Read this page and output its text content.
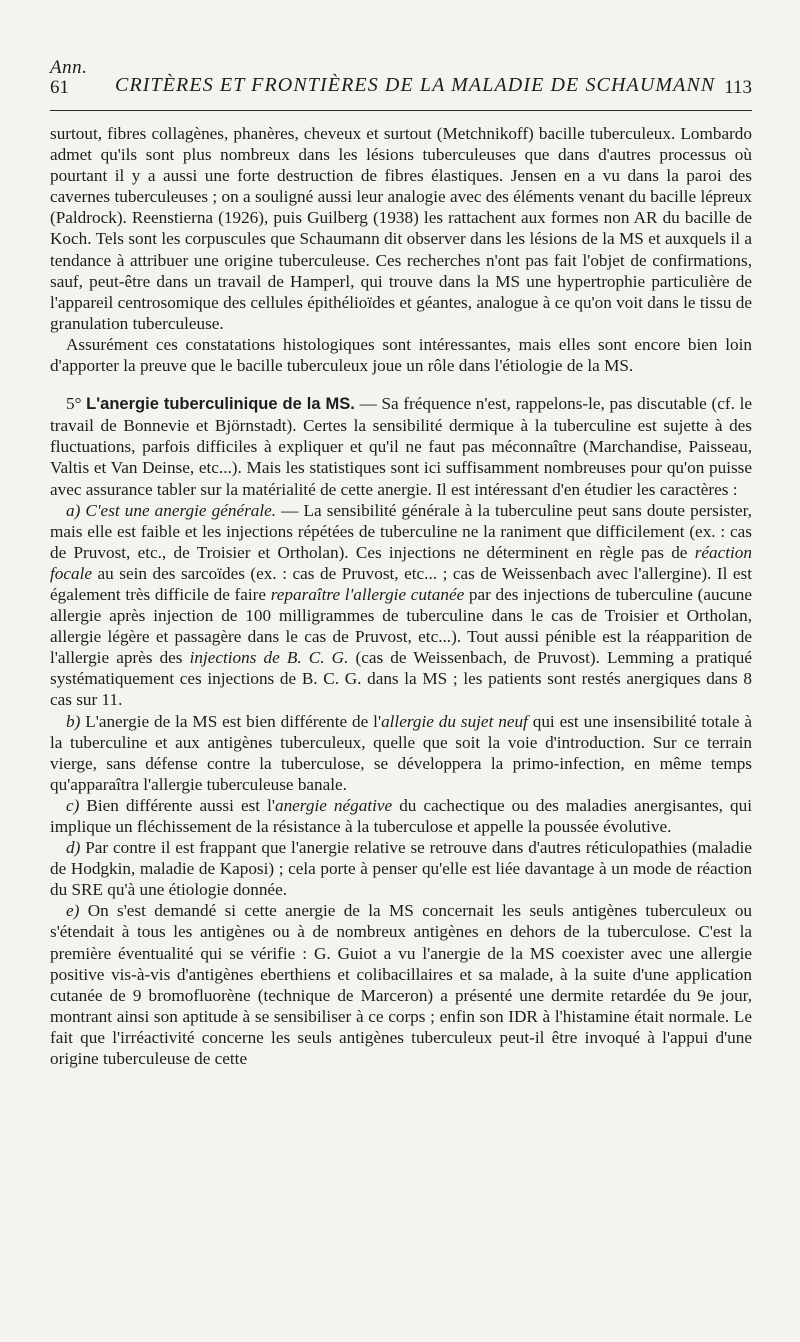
Ann.
61 CRITÈRES ET FRONTIÈRES DE LA MALADIE DE SCHAUMANN 113

surtout, fibres collagènes, phanères, cheveux et surtout (Metchnikoff) bacille tuberculeux. Lombardo admet qu'ils sont plus nombreux dans les lésions tuberculeuses que dans d'autres processus où pourtant il y a aussi une forte destruction de fibres élastiques. Jensen en a vu dans la paroi des cavernes tuberculeuses ; on a souligné aussi leur analogie avec des éléments venant du bacille lépreux (Paldrock). Reenstierna (1926), puis Guilberg (1938) les rattachent aux formes non AR du bacille de Koch. Tels sont les corpuscules que Schaumann dit observer dans les lésions de la MS et auxquels il a tendance à attribuer une origine tuberculeuse. Ces recherches n'ont pas fait l'objet de confirmations, sauf, peut-être dans un travail de Hamperl, qui trouve dans la MS une hypertrophie particulière de l'appareil centrosomique des cellules épithélioïdes et géantes, analogue à ce qu'on voit dans le tissu de granulation tuberculeuse.

Assurément ces constatations histologiques sont intéressantes, mais elles sont encore bien loin d'apporter la preuve que le bacille tuberculeux joue un rôle dans l'étiologie de la MS.

5° L'anergie tuberculinique de la MS. — Sa fréquence n'est, rappelons-le, pas discutable (cf. le travail de Bonnevie et Björnstadt). Certes la sensibilité dermique à la tuberculine est sujette à des fluctuations, parfois difficiles à expliquer et qu'il ne faut pas méconnaître (Marchandise, Paisseau, Valtis et Van Deinse, etc...). Mais les statistiques sont ici suffisamment nombreuses pour qu'on puisse avec assurance tabler sur la matérialité de cette anergie. Il est intéressant d'en étudier les caractères :

a) C'est une anergie générale. — La sensibilité générale à la tuberculine peut sans doute persister, mais elle est faible et les injections répétées de tuberculine ne la raniment que difficilement (ex. : cas de Pruvost, etc., de Troisier et Ortholan). Ces injections ne déterminent en règle pas de réaction focale au sein des sarcoïdes (ex. : cas de Pruvost, etc... ; cas de Weissenbach avec l'allergine). Il est également très difficile de faire reparaître l'allergie cutanée par des injections de tuberculine (aucune allergie après injection de 100 milligrammes de tuberculine dans le cas de Troisier et Ortholan, allergie légère et passagère dans le cas de Pruvost, etc...). Tout aussi pénible est la réapparition de l'allergie après des injections de B. C. G. (cas de Weissenbach, de Pruvost). Lemming a pratiqué systématiquement ces injections de B. C. G. dans la MS ; les patients sont restés anergiques dans 8 cas sur 11.

b) L'anergie de la MS est bien différente de l'allergie du sujet neuf qui est une insensibilité totale à la tuberculine et aux antigènes tuberculeux, quelle que soit la voie d'introduction. Sur ce terrain vierge, sans défense contre la tuberculose, se développera la primo-infection, en même temps qu'apparaîtra l'allergie tuberculeuse banale.

c) Bien différente aussi est l'anergie négative du cachectique ou des maladies anergisantes, qui implique un fléchissement de la résistance à la tuberculose et appelle la poussée évolutive.

d) Par contre il est frappant que l'anergie relative se retrouve dans d'autres réticulopathies (maladie de Hodgkin, maladie de Kaposi) ; cela porte à penser qu'elle est liée davantage à un mode de réaction du SRE qu'à une étiologie donnée.

e) On s'est demandé si cette anergie de la MS concernait les seuls antigènes tuberculeux ou s'étendait à tous les antigènes ou à de nombreux antigènes en dehors de la tuberculose. C'est la première éventualité qui se vérifie : G. Guiot a vu l'anergie de la MS coexister avec une allergie positive vis-à-vis d'antigènes eberthiens et colibacillaires et sa malade, à la suite d'une application cutanée de 9 bromofluorène (technique de Marceron) a présenté une dermite retardée du 9e jour, montrant ainsi son aptitude à se sensibiliser à ce corps ; enfin son IDR à l'histamine était normale. Le fait que l'irréactivité concerne les seuls antigènes tuberculeux peut-il être invoqué à l'appui d'une origine tuberculeuse de cette
